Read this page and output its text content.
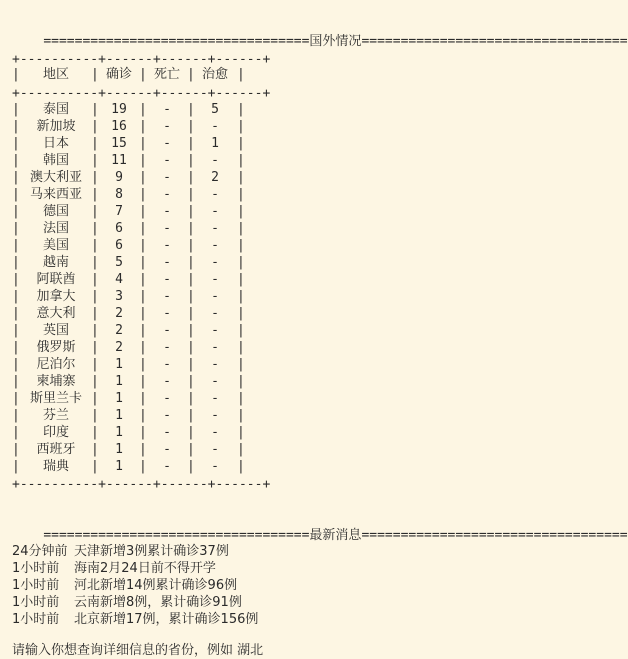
==================================国外情况==================================

+----------+------+------+------+
|	地区	| 确诊 | 死亡 | 治愈 |
+----------+------+------+------+
|	|	|	|	|
泰国	19	-	5
|	|	|	|	|
新加坡	16	-	-
|	|	|	|	|
日本	15	-	1
|	|	|	|	|
韩国	11	-	-
|	|	|	|	|
澳大利亚	9	-	2
|	|	|	|	|
马来西亚	8	-	-
|	|	|	|	|
德国	7	-	-
|	|	|	|	|
法国	6	-	-
|	|	|	|	|
美国	6	-	-
|	|	|	|	|
越南	5	-	-
|	|	|	|	|
阿联酋	4	-	-
|	|	|	|	|
加拿大	3	-	-
|	|	|	|	|
意大利	2	-	-
|	|	|	|	|
英国	2	-	-
|	|	|	|	|
俄罗斯	2	-	-
|	|	|	|	|
尼泊尔	1	-	-
|	|	|	|	|
柬埔寨	1	-	-
|	|	|	|	|
斯里兰卡	1	-	-
|	|	|	|	|
芬兰	1	-	-
|	|	|	|	|
印度	1	-	-
|	|	|	|	|
西班牙	1	-	-
|	|	|	|	|
瑞典	1	-	-
+----------+------+------+------+

==================================最新消息==================================

24分钟前 天津新增3例累计确诊37例
1小时前 海南2月24日前不得开学
1小时前 河北新增14例累计确诊96例
1小时前 云南新增8例，累计确诊91例
1小时前 北京新增17例，累计确诊156例
请输入你想查询详细信息的省份，例如 湖北
